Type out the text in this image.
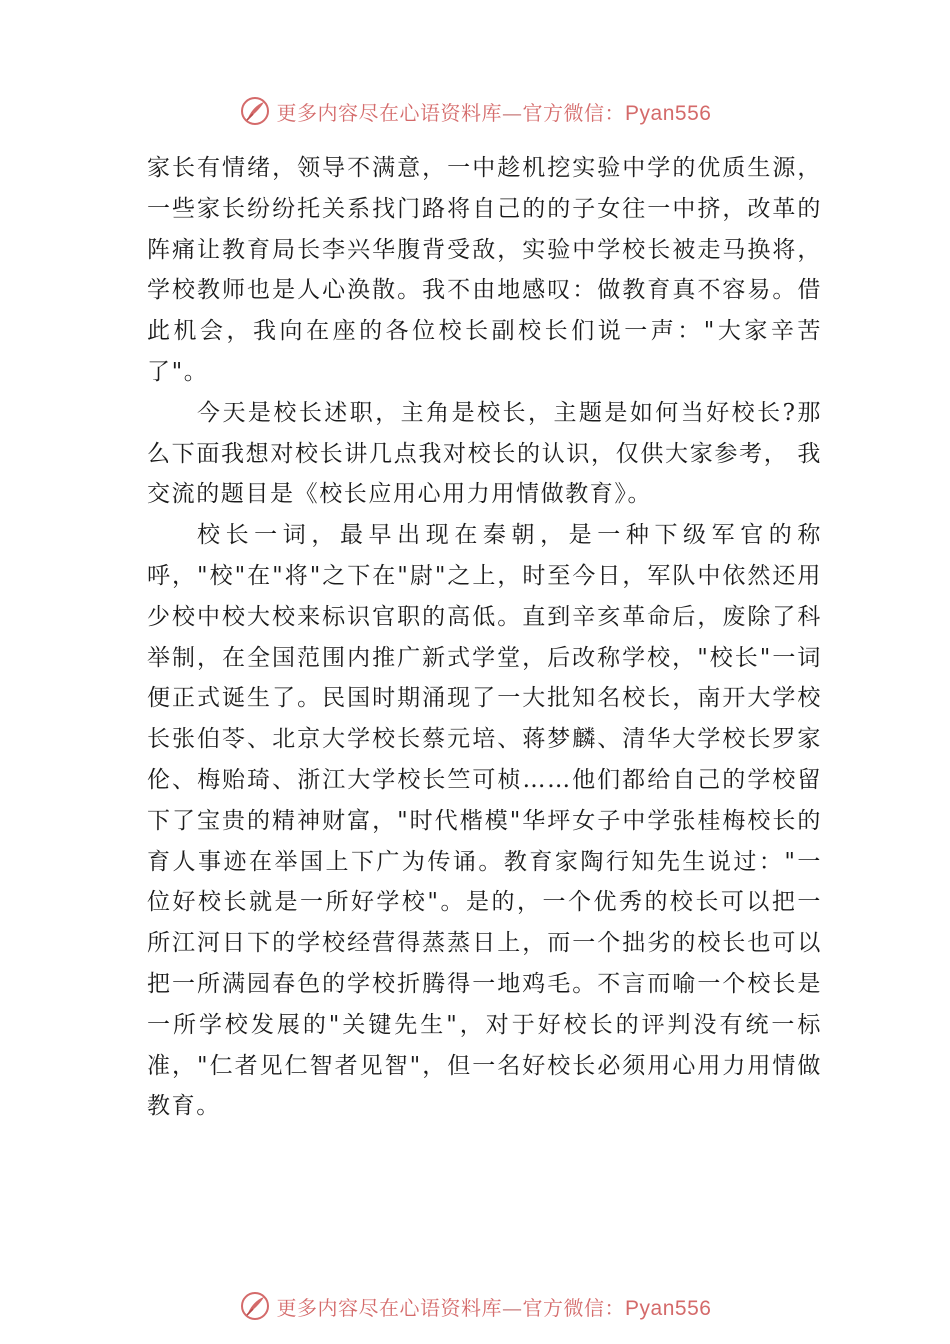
更多内容尽在心语资料库—官方微信：Pyan556

家长有情绪，领导不满意，一中趁机挖实验中学的优质生源，一些家长纷纷托关系找门路将自己的的子女往一中挤，改革的阵痛让教育局长李兴华腹背受敌，实验中学校长被走马换将，学校教师也是人心涣散。我不由地感叹：做教育真不容易。借此机会，我向在座的各位校长副校长们说一声："大家辛苦了"。

今天是校长述职，主角是校长，主题是如何当好校长?那么下面我想对校长讲几点我对校长的认识，仅供大家参考， 我交流的题目是《校长应用心用力用情做教育》。

校长一词，最早出现在秦朝，是一种下级军官的称呼，"校"在"将"之下在"尉"之上，时至今日，军队中依然还用少校中校大校来标识官职的高低。直到辛亥革命后，废除了科举制，在全国范围内推广新式学堂，后改称学校，"校长"一词便正式诞生了。民国时期涌现了一大批知名校长，南开大学校长张伯苓、北京大学校长蔡元培、蒋梦麟、清华大学校长罗家伦、梅贻琦、浙江大学校长竺可桢……他们都给自己的学校留下了宝贵的精神财富，"时代楷模"华坪女子中学张桂梅校长的育人事迹在举国上下广为传诵。教育家陶行知先生说过："一位好校长就是一所好学校"。是的，一个优秀的校长可以把一所江河日下的学校经营得蒸蒸日上，而一个拙劣的校长也可以把一所满园春色的学校折腾得一地鸡毛。不言而喻一个校长是一所学校发展的"关键先生"，对于好校长的评判没有统一标准，"仁者见仁智者见智"，但一名好校长必须用心用力用情做教育。

更多内容尽在心语资料库—官方微信：Pyan556
